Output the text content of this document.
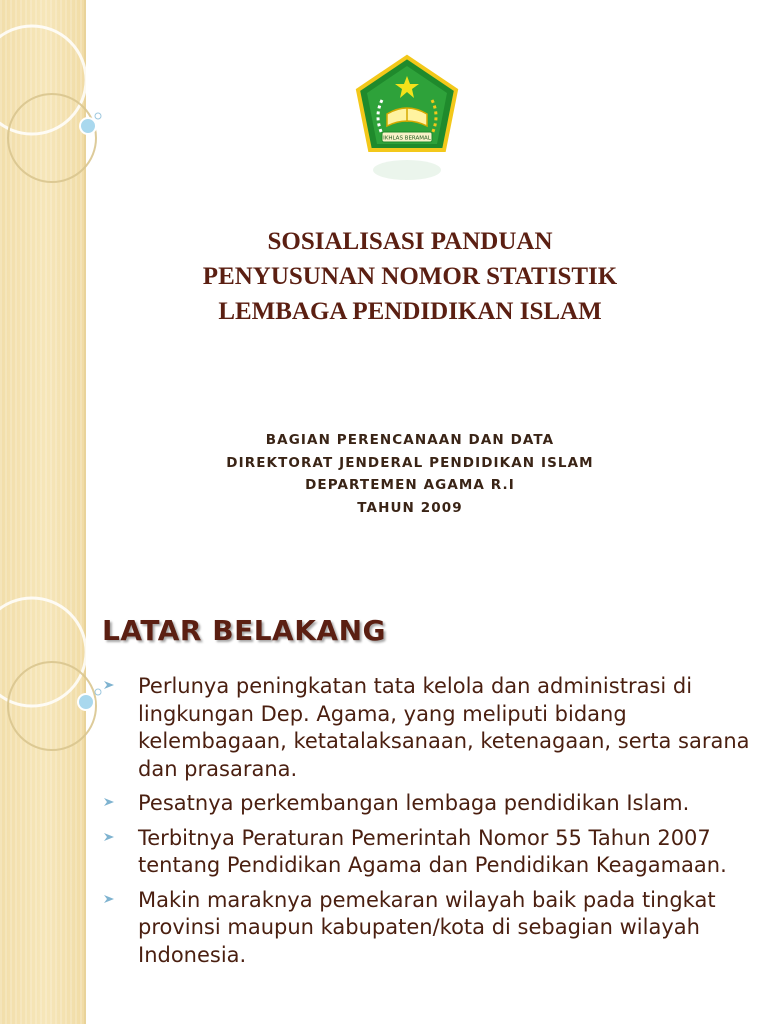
IKHLAS BERAMAL
SOSIALISASI PANDUAN
PENYUSUNAN NOMOR STATISTIK
LEMBAGA PENDIDIKAN ISLAM
BAGIAN PERENCANAAN DAN DATA
DIREKTORAT JENDERAL PENDIDIKAN ISLAM
DEPARTEMEN AGAMA R.I
TAHUN 2009
LATAR BELAKANG
Perlunya peningkatan tata kelola dan administrasi di lingkungan Dep. Agama, yang meliputi bidang kelembagaan, ketatalaksanaan, ketenagaan, serta sarana dan prasarana.
Pesatnya perkembangan lembaga pendidikan Islam.
Terbitnya Peraturan Pemerintah Nomor 55 Tahun 2007 tentang Pendidikan Agama dan Pendidikan Keagamaan.
Makin maraknya pemekaran wilayah baik pada tingkat provinsi maupun kabupaten/kota di sebagian wilayah Indonesia.
